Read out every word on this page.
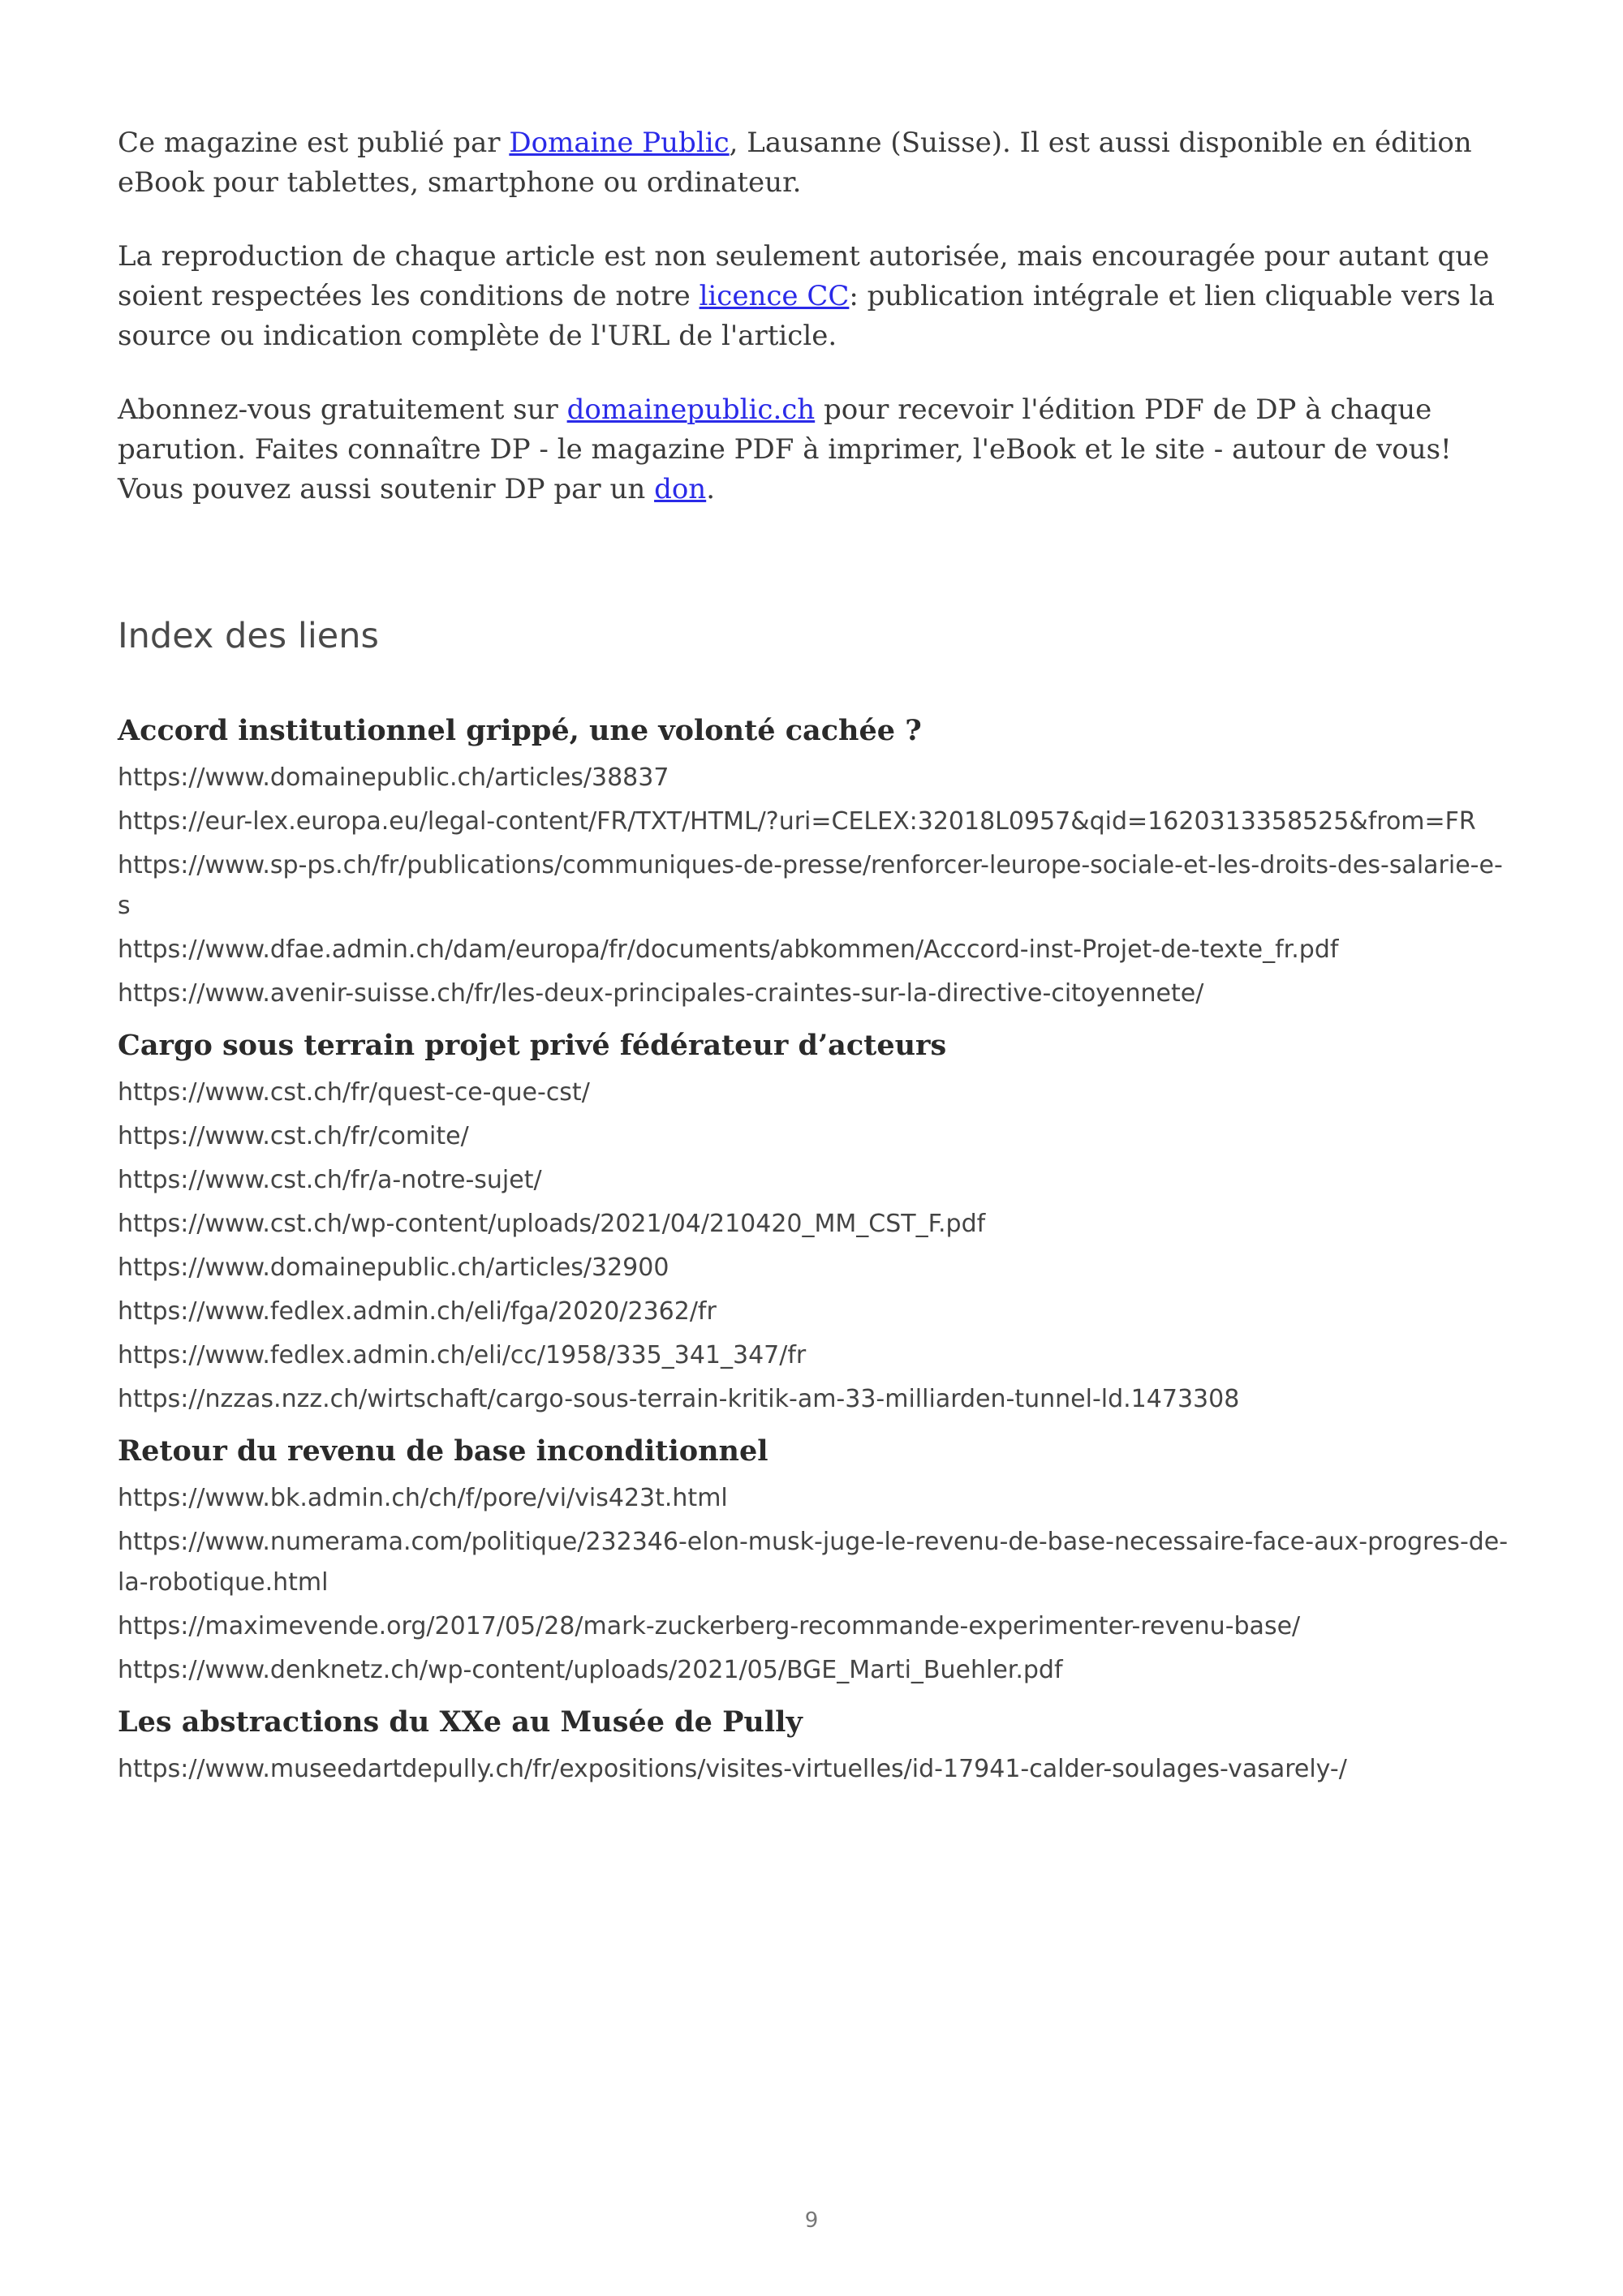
Ce magazine est publié par Domaine Public, Lausanne (Suisse). Il est aussi disponible en édition eBook pour tablettes, smartphone ou ordinateur.

La reproduction de chaque article est non seulement autorisée, mais encouragée pour autant que soient respectées les conditions de notre licence CC: publication intégrale et lien cliquable vers la source ou indication complète de l'URL de l'article.

Abonnez-vous gratuitement sur domainepublic.ch pour recevoir l'édition PDF de DP à chaque parution. Faites connaître DP - le magazine PDF à imprimer, l'eBook et le site - autour de vous! Vous pouvez aussi soutenir DP par un don.

Index des liens
Accord institutionnel grippé, une volonté cachée ?
https://www.domainepublic.ch/articles/38837
https://eur-lex.europa.eu/legal-content/FR/TXT/HTML/?uri=CELEX:32018L0957&qid=1620313358525&from=FR
https://www.sp-ps.ch/fr/publications/communiques-de-presse/renforcer-leurope-sociale-et-les-droits-des-salarie-e-s
https://www.dfae.admin.ch/dam/europa/fr/documents/abkommen/Acccord-inst-Projet-de-texte_fr.pdf
https://www.avenir-suisse.ch/fr/les-deux-principales-craintes-sur-la-directive-citoyennete/
Cargo sous terrain projet privé fédérateur d’acteurs
https://www.cst.ch/fr/quest-ce-que-cst/
https://www.cst.ch/fr/comite/
https://www.cst.ch/fr/a-notre-sujet/
https://www.cst.ch/wp-content/uploads/2021/04/210420_MM_CST_F.pdf
https://www.domainepublic.ch/articles/32900
https://www.fedlex.admin.ch/eli/fga/2020/2362/fr
https://www.fedlex.admin.ch/eli/cc/1958/335_341_347/fr
https://nzzas.nzz.ch/wirtschaft/cargo-sous-terrain-kritik-am-33-milliarden-tunnel-ld.1473308
Retour du revenu de base inconditionnel
https://www.bk.admin.ch/ch/f/pore/vi/vis423t.html
https://www.numerama.com/politique/232346-elon-musk-juge-le-revenu-de-base-necessaire-face-aux-progres-de-la-robotique.html
https://maximevende.org/2017/05/28/mark-zuckerberg-recommande-experimenter-revenu-base/
https://www.denknetz.ch/wp-content/uploads/2021/05/BGE_Marti_Buehler.pdf
Les abstractions du XXe au Musée de Pully
https://www.museedartdepully.ch/fr/expositions/visites-virtuelles/id-17941-calder-soulages-vasarely-/
9
